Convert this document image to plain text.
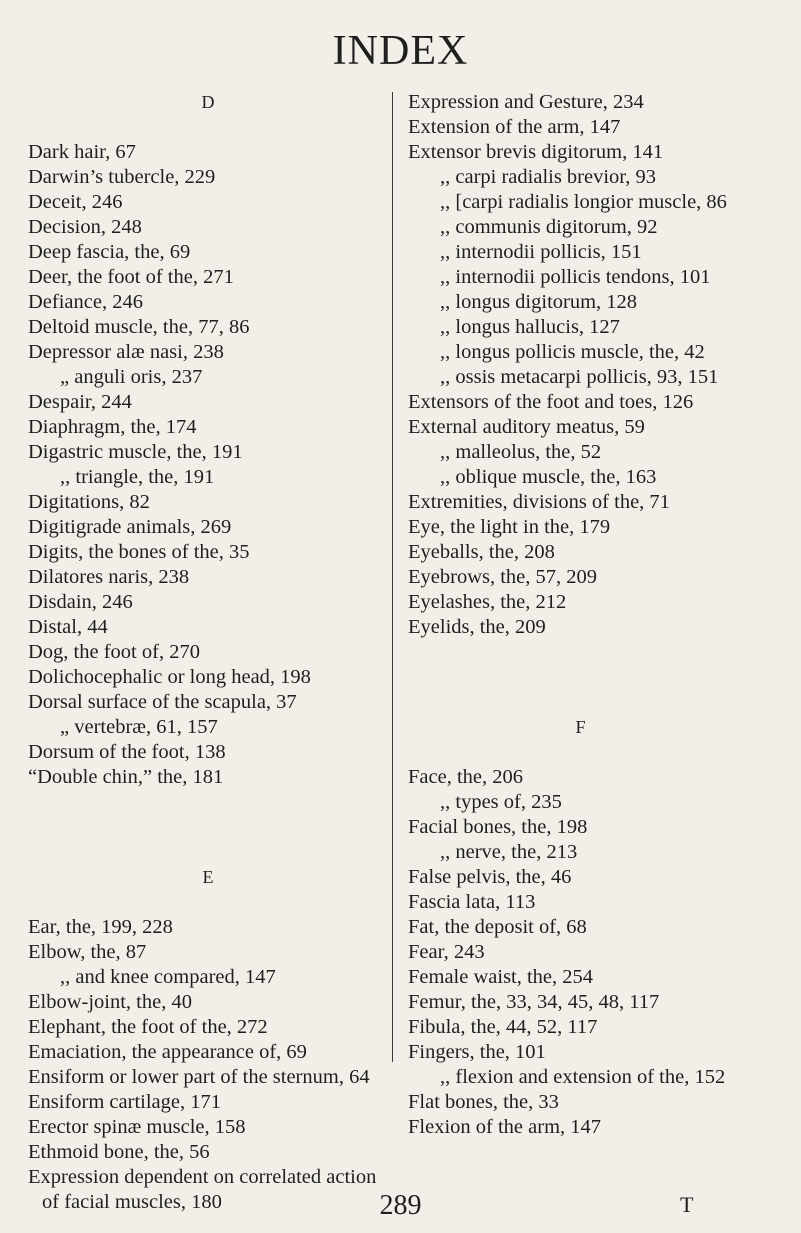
INDEX
D
Dark hair, 67
Darwin’s tubercle, 229
Deceit, 246
Decision, 248
Deep fascia, the, 69
Deer, the foot of the, 271
Defiance, 246
Deltoid muscle, the, 77, 86
Depressor alæ nasi, 238
„ anguli oris, 237
Despair, 244
Diaphragm, the, 174
Digastric muscle, the, 191
,, triangle, the, 191
Digitations, 82
Digitigrade animals, 269
Digits, the bones of the, 35
Dilatores naris, 238
Disdain, 246
Distal, 44
Dog, the foot of, 270
Dolichocephalic or long head, 198
Dorsal surface of the scapula, 37
„ vertebræ, 61, 157
Dorsum of the foot, 138
“Double chin,” the, 181
E
Ear, the, 199, 228
Elbow, the, 87
,, and knee compared, 147
Elbow-joint, the, 40
Elephant, the foot of the, 272
Emaciation, the appearance of, 69
Ensiform or lower part of the sternum, 64
Ensiform cartilage, 171
Erector spinæ muscle, 158
Ethmoid bone, the, 56
Expression dependent on correlated action of facial muscles, 180
Expression and Gesture, 234
Extension of the arm, 147
Extensor brevis digitorum, 141
,, carpi radialis brevior, 93
,, [carpi radialis longior muscle, 86
,, communis digitorum, 92
,, internodii pollicis, 151
,, internodii pollicis tendons, 101
,, longus digitorum, 128
,, longus hallucis, 127
,, longus pollicis muscle, the, 42
,, ossis metacarpi pollicis, 93, 151
Extensors of the foot and toes, 126
External auditory meatus, 59
,, malleolus, the, 52
,, oblique muscle, the, 163
Extremities, divisions of the, 71
Eye, the light in the, 179
Eyeballs, the, 208
Eyebrows, the, 57, 209
Eyelashes, the, 212
Eyelids, the, 209
F
Face, the, 206
,, types of, 235
Facial bones, the, 198
,, nerve, the, 213
False pelvis, the, 46
Fascia lata, 113
Fat, the deposit of, 68
Fear, 243
Female waist, the, 254
Femur, the, 33, 34, 45, 48, 117
Fibula, the, 44, 52, 117
Fingers, the, 101
,, flexion and extension of the, 152
Flat bones, the, 33
Flexion of the arm, 147
289	T
